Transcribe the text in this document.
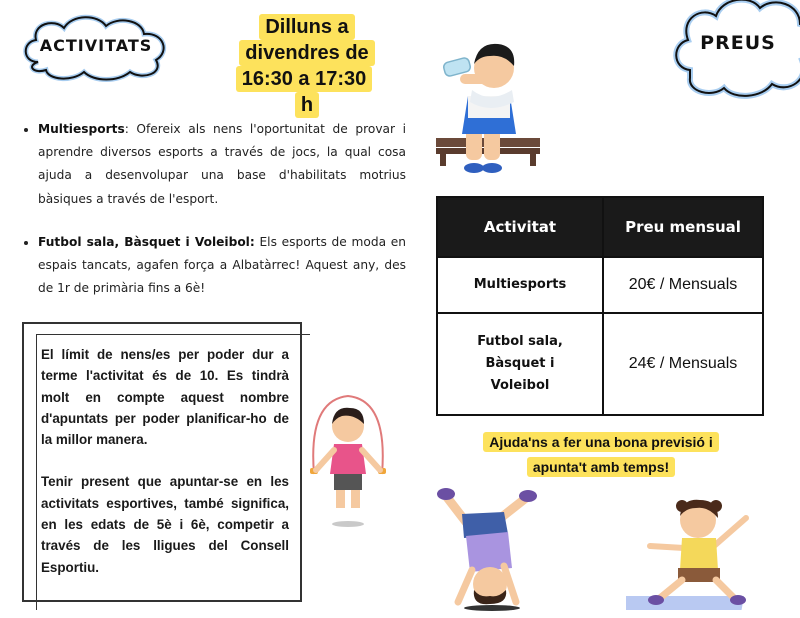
ACTIVITATS	PREUS
Dilluns a
divendres de
16:30 a 17:30 h
• Multiesports: Ofereix als nens l'oportunitat de provar i aprendre diversos esports a través de jocs, la qual cosa ajuda a desenvolupar una base d'habilitats motrius bàsiques a través de l'esport.
• Futbol sala, Bàsquet i Voleibol: Els esports de moda en espais tancats, agafen força a Albatàrrec! Aquest any, des de 1r de primària fins a 6è!

El límit de nens/es per poder dur a terme l'activitat és de 10. Es tindrà molt en compte aquest nombre d'apuntats per poder planificar-ho de la millor manera.

Tenir present que apuntar-se en les activitats esportives, també significa, en les edats de 5è i 6è, competir a través de les lligues del Consell Esportiu.

Activitat	Preu mensual
Multiesports	20€ / Mensuals
Futbol sala,
Bàsquet i
Voleibol	24€ / Mensuals
Ajuda'ns a fer una bona previsió i
apunta't amb temps!
